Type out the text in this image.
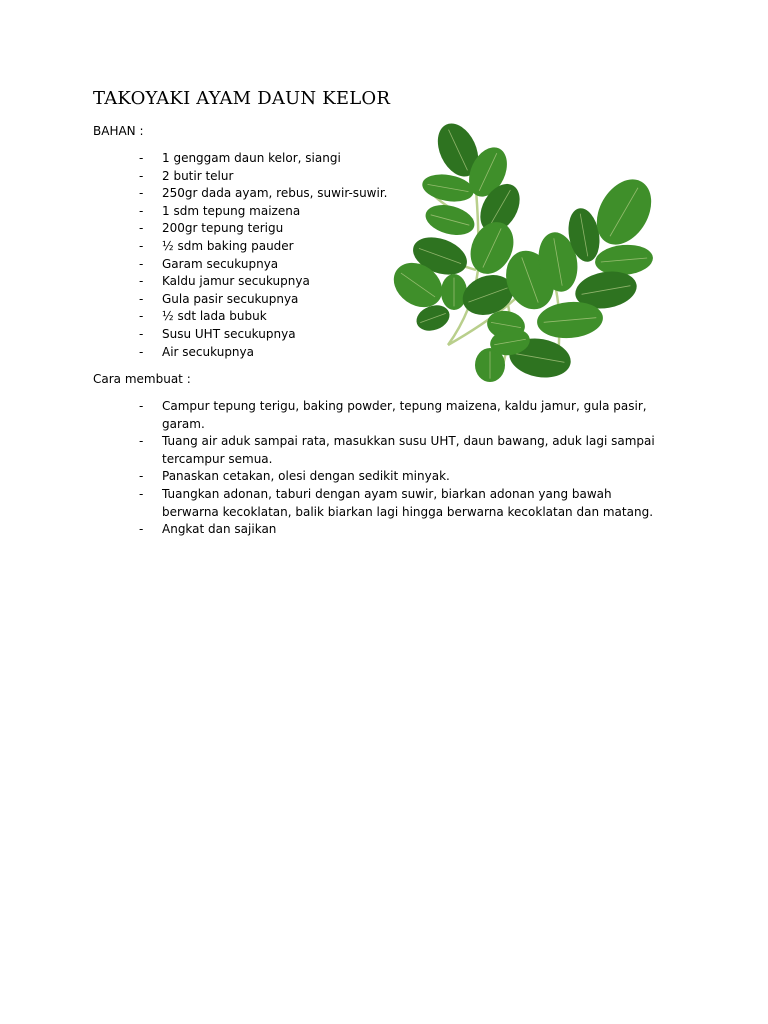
TAKOYAKI AYAM DAUN KELOR
BAHAN :
- 1 genggam daun kelor, siangi
- 2 butir telur
- 250gr dada ayam, rebus, suwir-suwir.
- 1 sdm tepung maizena
- 200gr tepung terigu
- ½ sdm baking pauder
- Garam secukupnya
- Kaldu jamur secukupnya
- Gula pasir secukupnya
- ½ sdt lada bubuk
- Susu UHT secukupnya
- Air secukupnya
Cara membuat :
- Campur tepung terigu, baking powder, tepung maizena, kaldu jamur, gula pasir, garam.
- Tuang air aduk sampai rata, masukkan susu UHT, daun bawang, aduk lagi sampai tercampur semua.
- Panaskan cetakan, olesi dengan sedikit minyak.
- Tuangkan adonan, taburi dengan ayam suwir, biarkan adonan yang bawah berwarna kecoklatan, balik biarkan lagi hingga berwarna kecoklatan dan matang.
- Angkat dan sajikan
